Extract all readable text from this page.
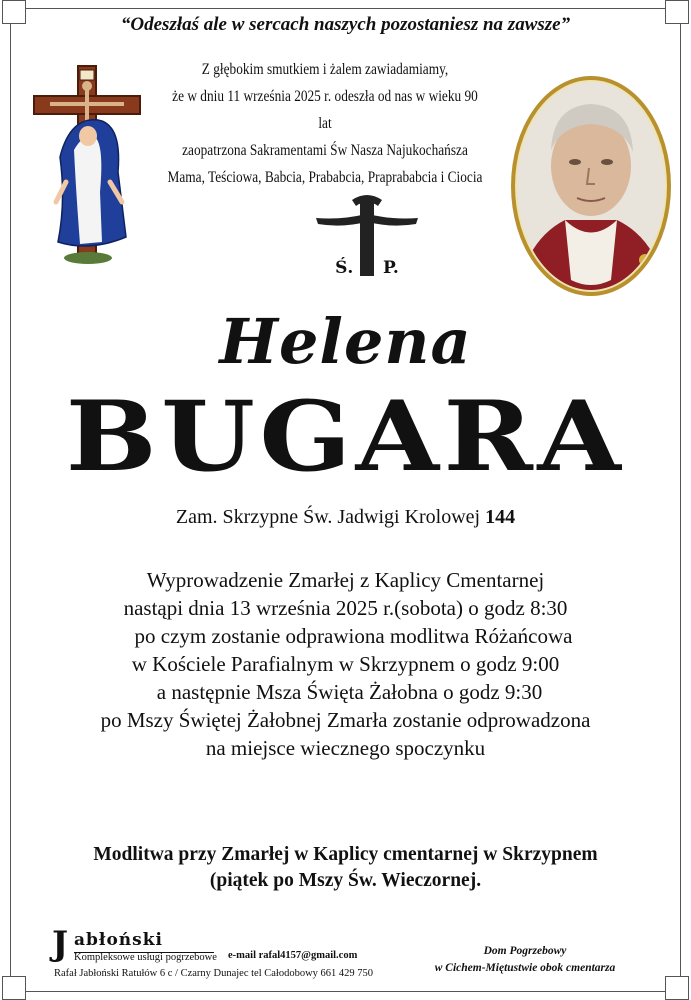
“Odeszłaś ale w sercach naszych pozostaniesz na zawsze”
Z głębokim smutkiem i żalem zawiadamiamy,
że w dniu 11 września 2025 r. odeszła od nas w wieku 90 lat
zaopatrzona Sakramentami Św Nasza Najukochańsza
Mama, Teściowa, Babcia, Prababcia, Praprababcia i Ciocia
Ś.     P.
Helena
BUGARA
Zam. Skrzypne Św. Jadwigi Krolowej 144
Wyprowadzenie Zmarłej z Kaplicy Cmentarnej
nastąpi dnia 13 września 2025 r.(sobota) o godz 8:30
po czym zostanie odprawiona modlitwa Różańcowa
w Kościele Parafialnym w Skrzypnem o godz 9:00
a następnie Msza Święta Żałobna o godz 9:30
po Mszy Świętej Żałobnej Zmarła zostanie odprowadzona
na miejsce wiecznego spoczynku
Modlitwa przy Zmarłej w Kaplicy cmentarnej w Skrzypnem
(piątek po Mszy Św. Wieczornej.
J abłoński
Kompleksowe usługi pogrzebowe e-mail rafal4157@gmail.com
Rafał Jabłoński Ratułów 6 c / Czarny Dunajec tel Całodobowy 661 429 750
Dom Pogrzebowy
w Cichem-Miętustwie obok cmentarza
